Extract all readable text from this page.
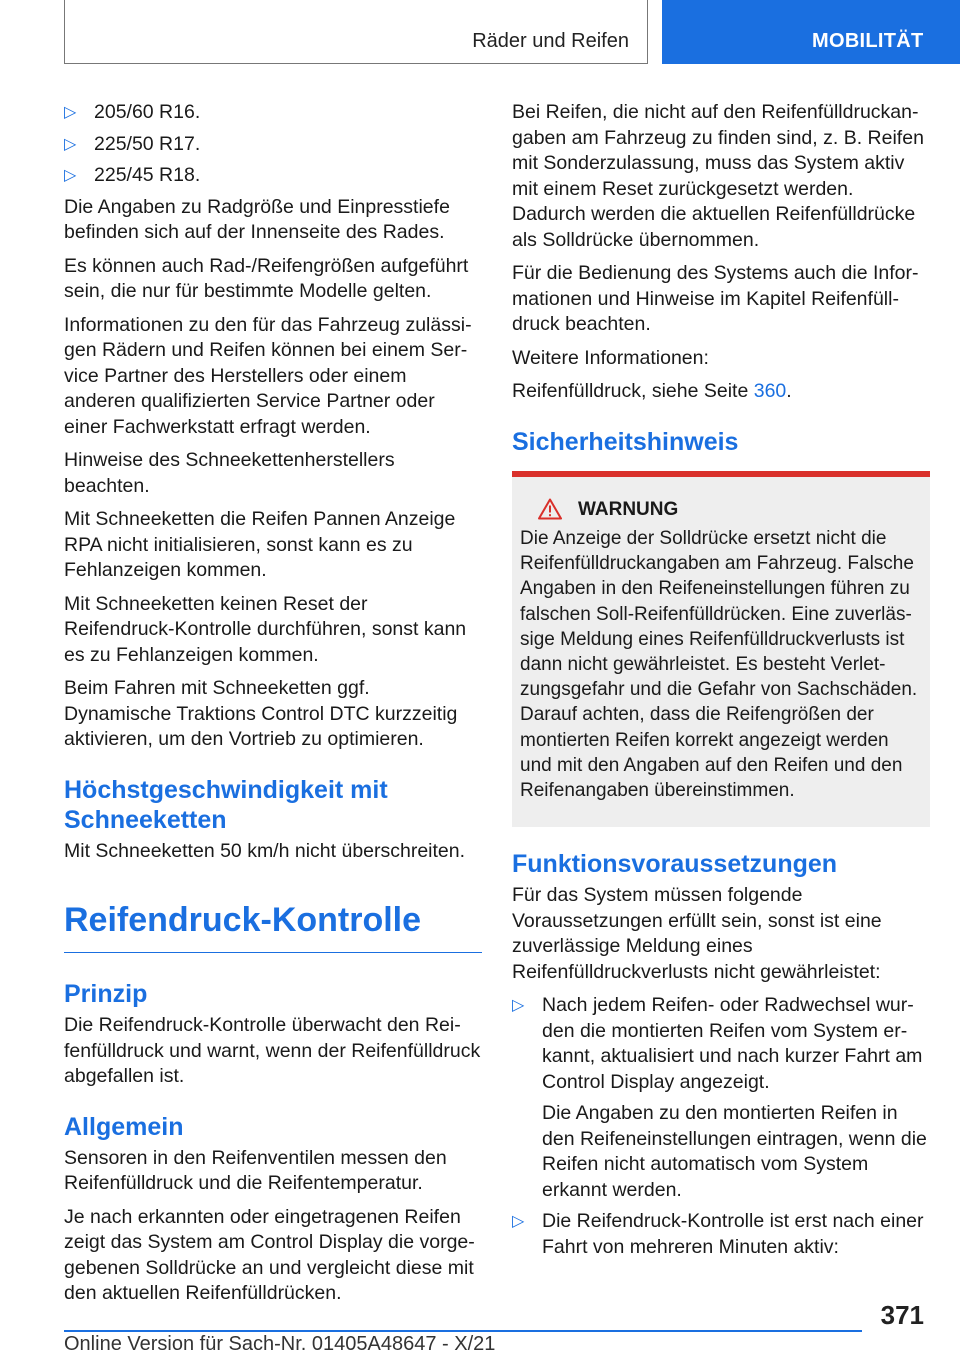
Räder und Reifen	MOBILITÄT
▷ 205/60 R16.
▷ 225/50 R17.
▷ 225/45 R18.

Die Angaben zu Radgröße und Einpresstiefe befinden sich auf der Innenseite des Rades.

Es können auch Rad-/Reifengrößen aufgeführt sein, die nur für bestimmte Modelle gelten.

Informationen zu den für das Fahrzeug zulässigen Rädern und Reifen können bei einem Service Partner des Herstellers oder einem anderen qualifizierten Service Partner oder einer Fachwerkstatt erfragt werden.

Hinweise des Schneekettenherstellers beachten.

Mit Schneeketten die Reifen Pannen Anzeige RPA nicht initialisieren, sonst kann es zu Fehlanzeigen kommen.

Mit Schneeketten keinen Reset der Reifendruck-Kontrolle durchführen, sonst kann es zu Fehlanzeigen kommen.

Beim Fahren mit Schneeketten ggf. Dynamische Traktions Control DTC kurzzeitig aktivieren, um den Vortrieb zu optimieren.

Höchstgeschwindigkeit mit Schneeketten

Mit Schneeketten 50 km/h nicht überschreiten.

Reifendruck-Kontrolle
Prinzip

Die Reifendruck-Kontrolle überwacht den Reifenfülldruck und warnt, wenn der Reifenfülldruck abgefallen ist.

Allgemein

Sensoren in den Reifenventilen messen den Reifenfülldruck und die Reifentemperatur.

Je nach erkannten oder eingetragenen Reifen zeigt das System am Control Display die vorgegebenen Solldrücke an und vergleicht diese mit den aktuellen Reifenfülldrücken.

Bei Reifen, die nicht auf den Reifenfülldruckangaben am Fahrzeug zu finden sind, z. B. Reifen mit Sonderzulassung, muss das System aktiv mit einem Reset zurückgesetzt werden. Dadurch werden die aktuellen Reifenfülldrücke als Solldrücke übernommen.

Für die Bedienung des Systems auch die Informationen und Hinweise im Kapitel Reifenfülldruck beachten.

Weitere Informationen:

Reifenfülldruck, siehe Seite 360.

Sicherheitshinweis
WARNUNG

Die Anzeige der Solldrücke ersetzt nicht die Reifenfülldruckangaben am Fahrzeug. Falsche Angaben in den Reifeneinstellungen führen zu falschen Soll-Reifenfülldrücken. Eine zuverlässige Meldung eines Reifenfülldruckverlusts ist dann nicht gewährleistet. Es besteht Verletzungsgefahr und die Gefahr von Sachschäden. Darauf achten, dass die Reifengrößen der montierten Reifen korrekt angezeigt werden und mit den Angaben auf den Reifen und den Reifenangaben übereinstimmen.

Funktionsvoraussetzungen

Für das System müssen folgende Voraussetzungen erfüllt sein, sonst ist eine zuverlässige Meldung eines Reifenfülldruckverlusts nicht gewährleistet:

▷ Nach jedem Reifen- oder Radwechsel wurden die montierten Reifen vom System erkannt, aktualisiert und nach kurzer Fahrt am Control Display angezeigt.

Die Angaben zu den montierten Reifen in den Reifeneinstellungen eintragen, wenn die Reifen nicht automatisch vom System erkannt werden.

▷ Die Reifendruck-Kontrolle ist erst nach einer Fahrt von mehreren Minuten aktiv:
371
Online Version für Sach-Nr. 01405A48647 - X/21
